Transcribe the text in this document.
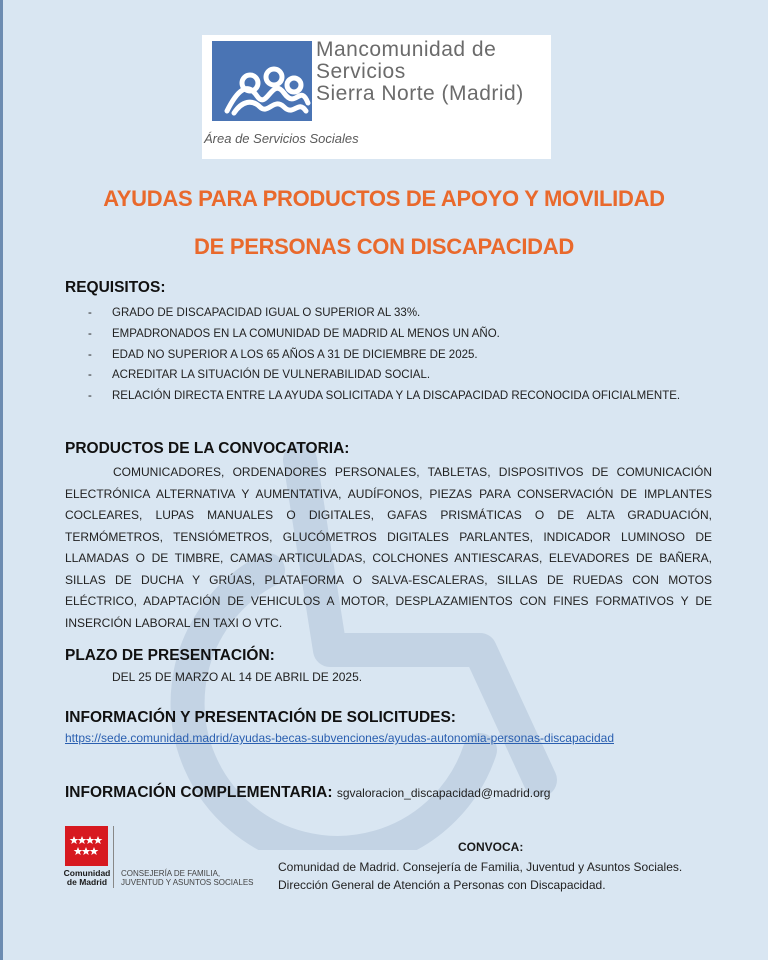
Mancomunidad de
Servicios
Sierra Norte (Madrid)
Área de Servicios Sociales
AYUDAS PARA PRODUCTOS DE APOYO Y MOVILIDAD
DE PERSONAS CON DISCAPACIDAD
REQUISITOS:
- GRADO DE DISCAPACIDAD IGUAL O SUPERIOR AL 33%.
- EMPADRONADOS EN LA COMUNIDAD DE MADRID AL MENOS UN AÑO.
- EDAD NO SUPERIOR A LOS 65 AÑOS A 31 DE DICIEMBRE DE 2025.
- ACREDITAR LA SITUACIÓN DE VULNERABILIDAD SOCIAL.
- RELACIÓN DIRECTA ENTRE LA AYUDA SOLICITADA Y LA DISCAPACIDAD RECONOCIDA OFICIALMENTE.
PRODUCTOS DE LA CONVOCATORIA:
COMUNICADORES, ORDENADORES PERSONALES, TABLETAS, DISPOSITIVOS DE COMUNICACIÓN ELECTRÓNICA ALTERNATIVA Y AUMENTATIVA, AUDÍFONOS, PIEZAS PARA CONSERVACIÓN DE IMPLANTES COCLEARES, LUPAS MANUALES O DIGITALES, GAFAS PRISMÁTICAS O DE ALTA GRADUACIÓN, TERMÓMETROS, TENSIÓMETROS, GLUCÓMETROS DIGITALES PARLANTES, INDICADOR LUMINOSO DE LLAMADAS O DE TIMBRE, CAMAS ARTICULADAS, COLCHONES ANTIESCARAS, ELEVADORES DE BAÑERA, SILLAS DE DUCHA Y GRÚAS, PLATAFORMA O SALVA-ESCALERAS, SILLAS DE RUEDAS CON MOTOS ELÉCTRICO, ADAPTACIÓN DE VEHICULOS A MOTOR, DESPLAZAMIENTOS CON FINES FORMATIVOS Y DE INSERCIÓN LABORAL EN TAXI O VTC.
PLAZO DE PRESENTACIÓN:
DEL 25 DE MARZO AL 14 DE ABRIL DE 2025.
INFORMACIÓN Y PRESENTACIÓN DE SOLICITUDES:
https://sede.comunidad.madrid/ayudas-becas-subvenciones/ayudas-autonomia-personas-discapacidad
INFORMACIÓN COMPLEMENTARIA: sgvaloracion_discapacidad@madrid.org
Comunidad
de Madrid
CONSEJERÍA DE FAMILIA,
JUVENTUD Y ASUNTOS SOCIALES
CONVOCA:
Comunidad de Madrid. Consejería de Familia, Juventud y Asuntos Sociales.
Dirección General de Atención a Personas con Discapacidad.
